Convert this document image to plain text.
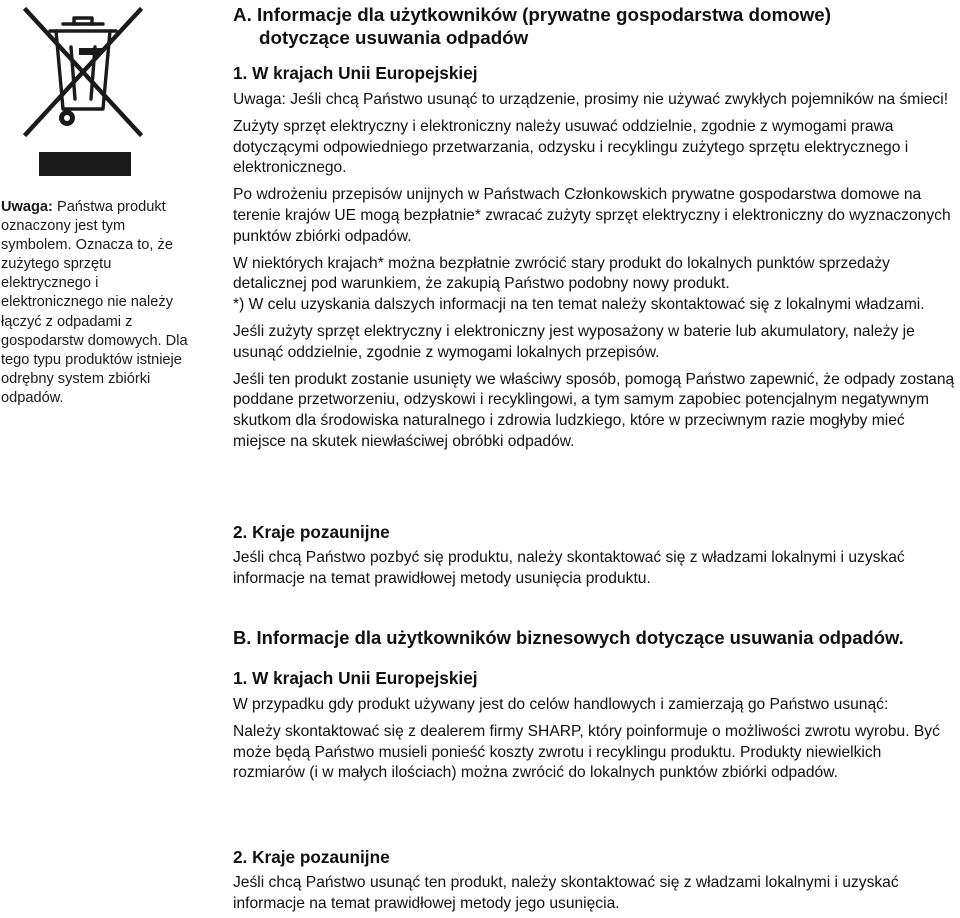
Uwaga: Państwa produkt oznaczony jest tym symbolem. Oznacza to, że zużytego sprzętu elektrycznego i elektronicznego nie należy łączyć z odpadami z gospodarstw domowych. Dla tego typu produktów istnieje odrębny system zbiórki odpadów.
A. Informacje dla użytkowników (prywatne gospodarstwa domowe)
dotyczące usuwania odpadów
1. W krajach Unii Europejskiej

Uwaga: Jeśli chcą Państwo usunąć to urządzenie, prosimy nie używać zwykłych pojemników na śmieci!

Zużyty sprzęt elektryczny i elektroniczny należy usuwać oddzielnie, zgodnie z wymogami prawa dotyczącymi odpowiedniego przetwarzania, odzysku i recyklingu zużytego sprzętu elektrycznego i elektronicznego.

Po wdrożeniu przepisów unijnych w Państwach Członkowskich prywatne gospodarstwa domowe na terenie krajów UE mogą bezpłatnie* zwracać zużyty sprzęt elektryczny i elektroniczny do wyznaczonych punktów zbiórki odpadów.

W niektórych krajach* można bezpłatnie zwrócić stary produkt do lokalnych punktów sprzedaży detalicznej pod warunkiem, że zakupią Państwo podobny nowy produkt.

*) W celu uzyskania dalszych informacji na ten temat należy skontaktować się z lokalnymi władzami.

Jeśli zużyty sprzęt elektryczny i elektroniczny jest wyposażony w baterie lub akumulatory, należy je usunąć oddzielnie, zgodnie z wymogami lokalnych przepisów.

Jeśli ten produkt zostanie usunięty we właściwy sposób, pomogą Państwo zapewnić, że odpady zostaną poddane przetworzeniu, odzyskowi i recyklingowi, a tym samym zapobiec potencjalnym negatywnym skutkom dla środowiska naturalnego i zdrowia ludzkiego, które w przeciwnym razie mogłyby mieć miejsce na skutek niewłaściwej obróbki odpadów.

2. Kraje pozaunijne

Jeśli chcą Państwo pozbyć się produktu, należy skontaktować się z władzami lokalnymi i uzyskać informacje na temat prawidłowej metody usunięcia produktu.

B. Informacje dla użytkowników biznesowych dotyczące usuwania odpadów.
1. W krajach Unii Europejskiej

W przypadku gdy produkt używany jest do celów handlowych i zamierzają go Państwo usunąć:

Należy skontaktować się z dealerem firmy SHARP, który poinformuje o możliwości zwrotu wyrobu. Być może będą Państwo musieli ponieść koszty zwrotu i recyklingu produktu. Produkty niewielkich rozmiarów (i w małych ilościach) można zwrócić do lokalnych punktów zbiórki odpadów.

2. Kraje pozaunijne

Jeśli chcą Państwo usunąć ten produkt, należy skontaktować się z władzami lokalnymi i uzyskać informacje na temat prawidłowej metody jego usunięcia.
